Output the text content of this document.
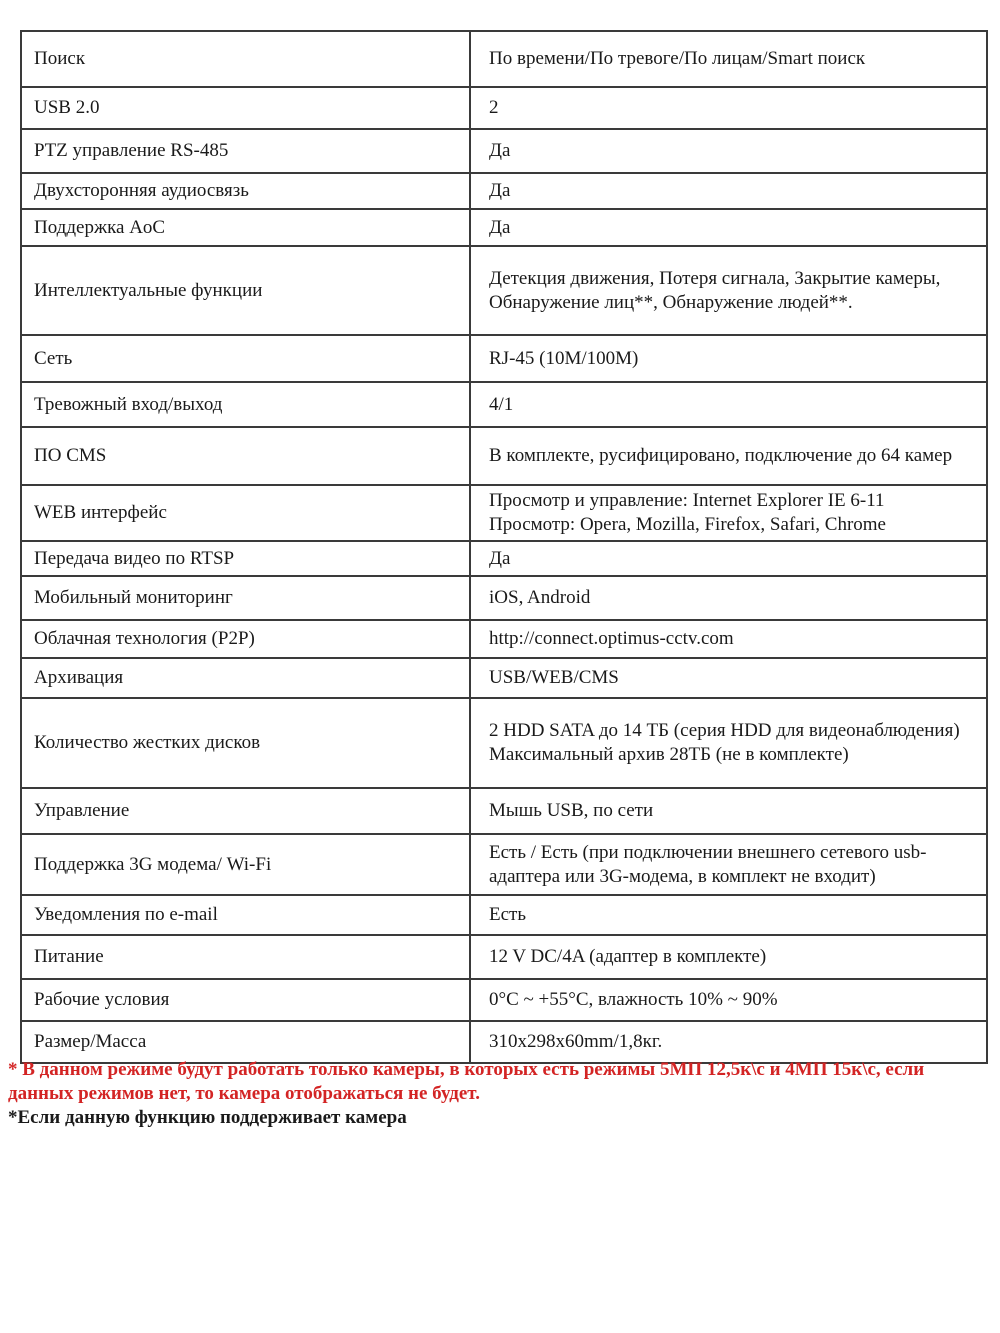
Поиск	По времени/По тревоге/По лицам/Smart поиск
USB 2.0	2
PTZ управление RS-485	Да
Двухсторонняя аудиосвязь	Да
Поддержка AoC	Да
Интеллектуальные функции	Детекция движения, Потеря сигнала, Закрытие камеры, Обнаружение лиц**, Обнаружение людей**.
Сеть	RJ-45 (10M/100M)
Тревожный вход/выход	4/1
ПО CMS	В комплекте, русифицировано, подключение до 64 камер
WEB интерфейс	Просмотр и управление: Internet Explorer IE 6-11 Просмотр: Opera, Mozilla, Firefox, Safari, Chrome
Передача видео по RTSP	Да
Мобильный мониторинг	iOS, Android
Облачная технология (P2P)	http://connect.optimus-cctv.com
Архивация	USB/WEB/CMS
Количество жестких дисков	2 HDD SATA до 14 ТБ (серия HDD для видеонаблюдения) Максимальный архив 28ТБ (не в комплекте)
Управление	Мышь USB, по сети
Поддержка 3G модема/ Wi-Fi	Есть / Есть (при подключении внешнего сетевого usb-адаптера или 3G-модема, в комплект не входит)
Уведомления по e-mail	Есть
Питание	12 V DC/4A (адаптер в комплекте)
Рабочие условия	0°C ~ +55°C, влажность 10% ~ 90%
Размер/Масса	310x298x60mm/1,8кг.
* В данном режиме будут работать только камеры, в которых есть режимы 5МП 12,5к\с и 4МП 15к\с, если данных режимов нет, то камера отображаться не будет.
*Если данную функцию поддерживает камера
